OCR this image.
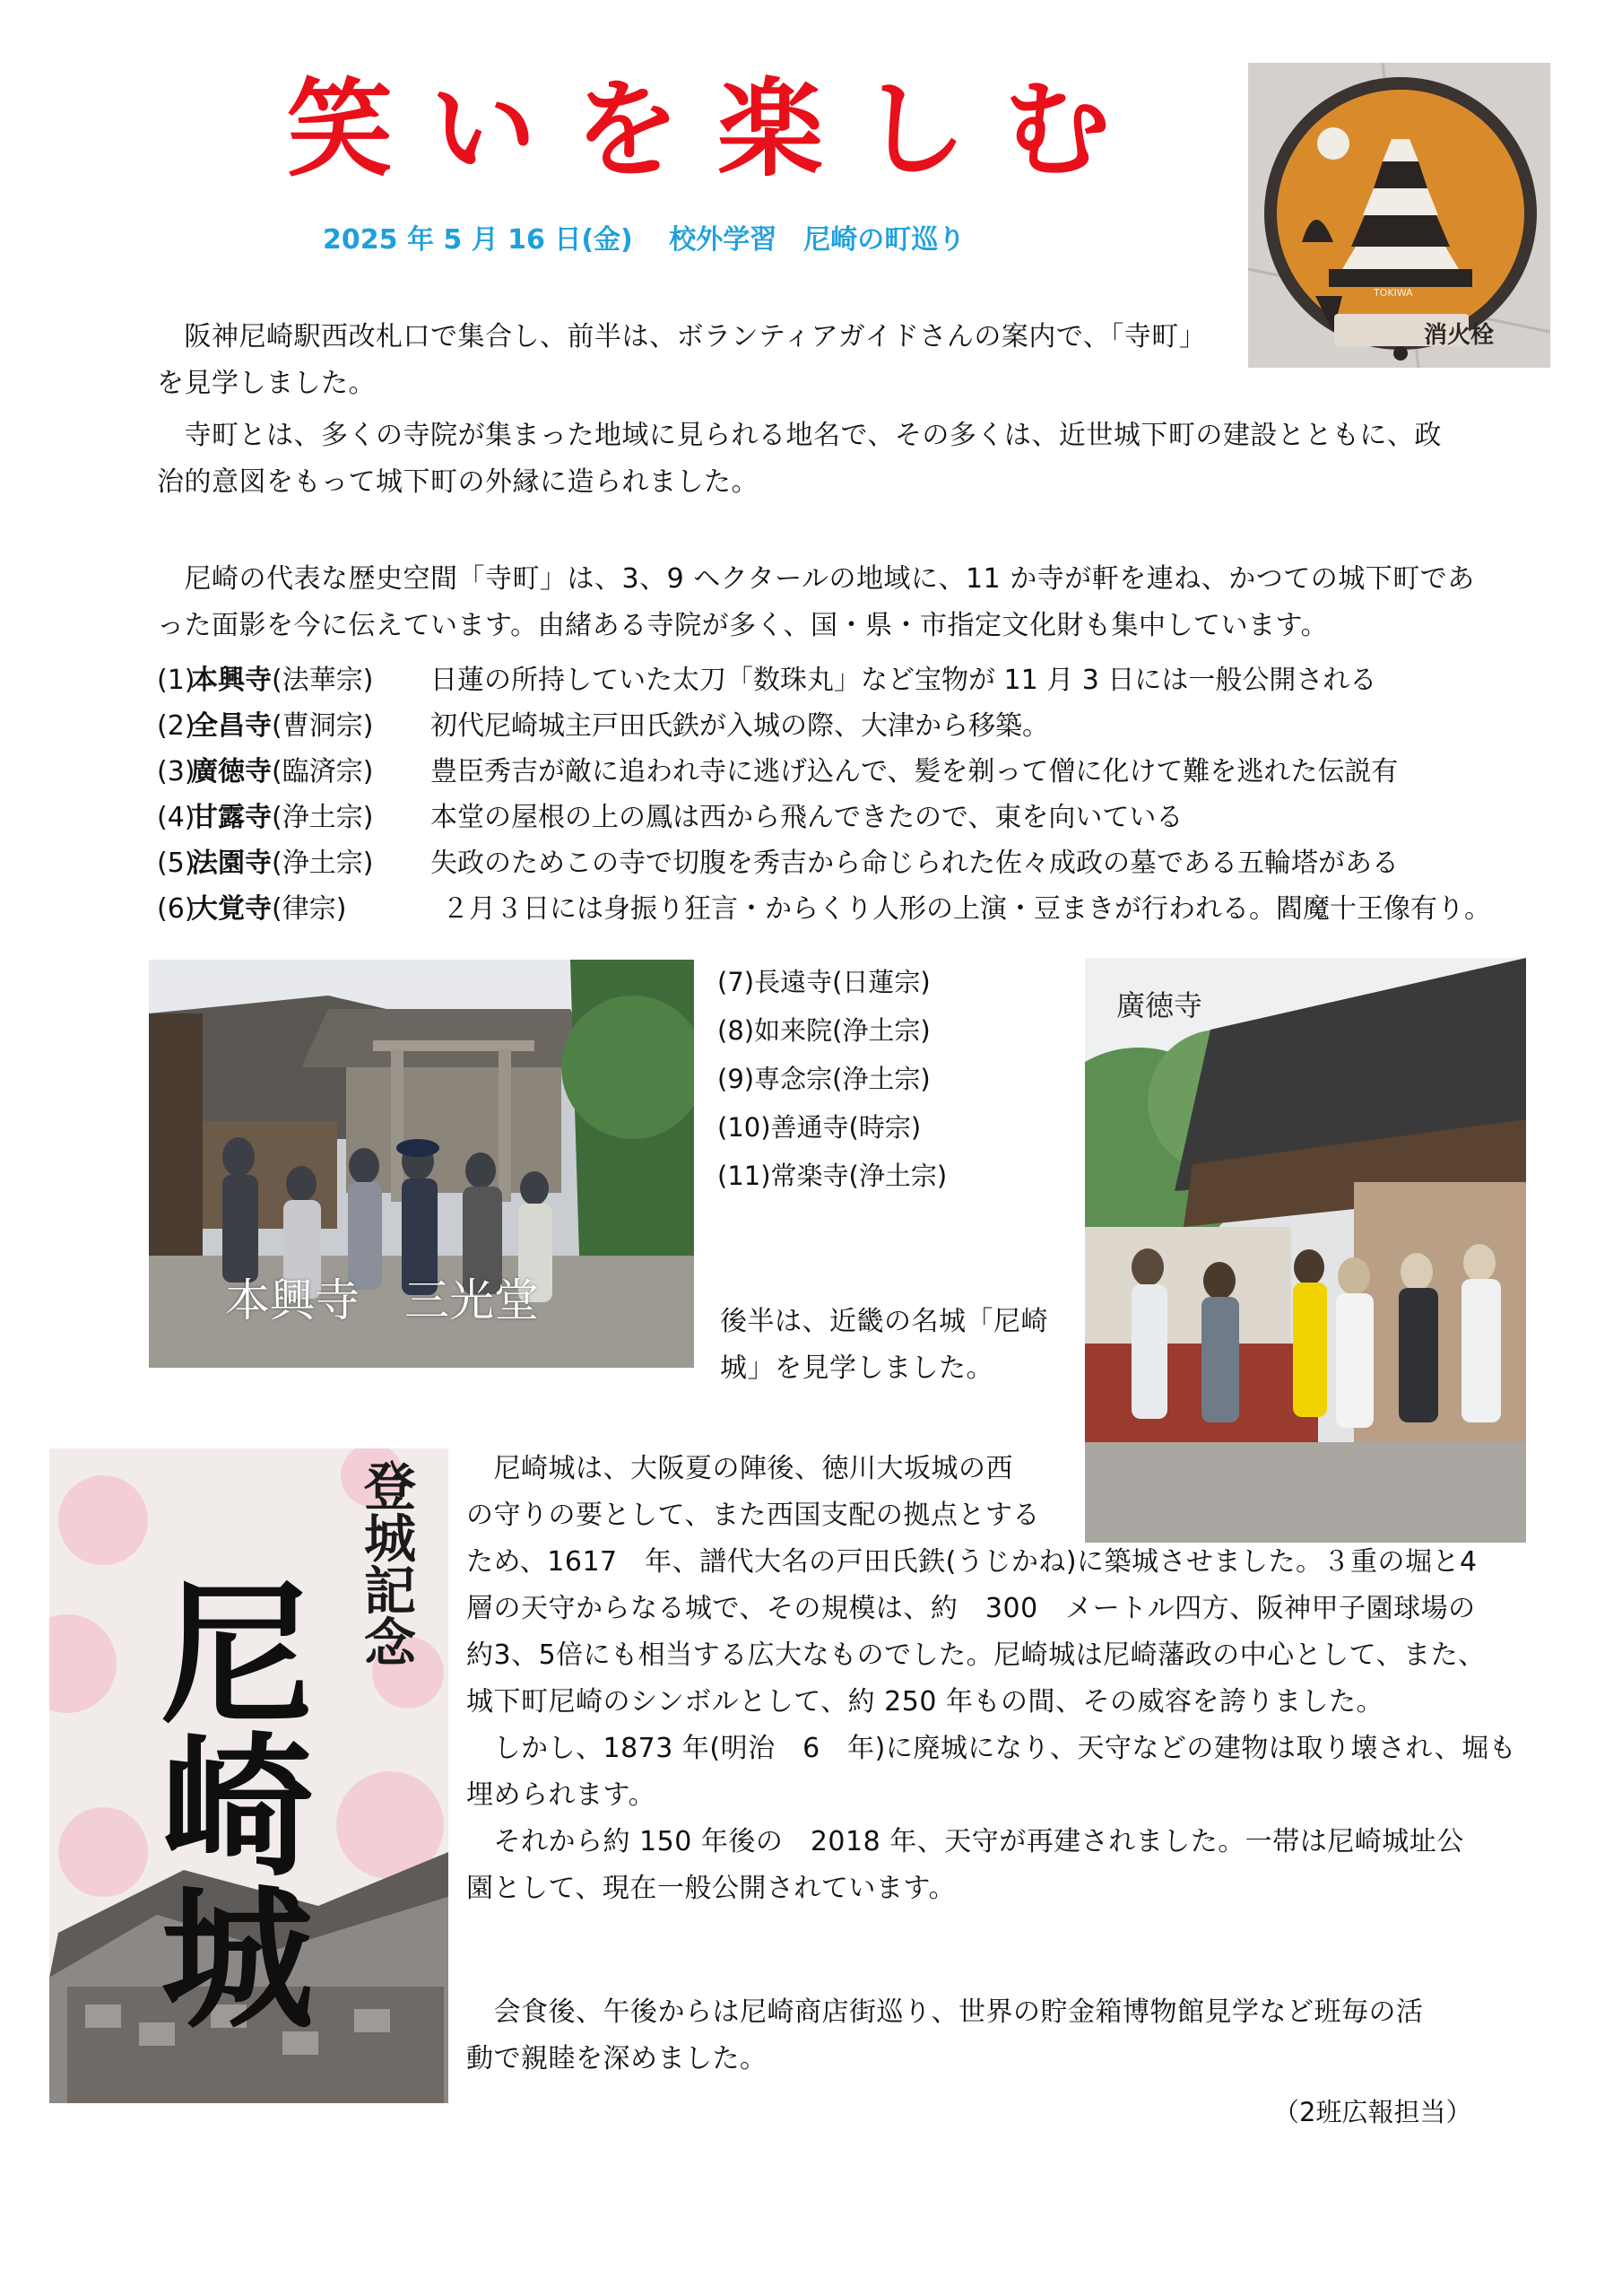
笑いを楽しむ
2025 年 5 月 16 日(金)　 校外学習　尼崎の町巡り
消火栓
TOKIWA
　阪神尼崎駅西改札口で集合し、前半は、ボランティアガイドさんの案内で、「寺町」
を見学しました。
　寺町とは、多くの寺院が集まった地域に見られる地名で、その多くは、近世城下町の建設とともに、政
治的意図をもって城下町の外縁に造られました。
　尼崎の代表な歴史空間「寺町」は、3、9 ヘクタールの地域に、11 か寺が軒を連ね、かつての城下町であ
った面影を今に伝えています。由緒ある寺院が多く、国・県・市指定文化財も集中しています。
(1)本興寺(法華宗) 日蓮の所持していた太刀「数珠丸」など宝物が 11 月 3 日には一般公開される
(2)全昌寺(曹洞宗) 初代尼崎城主戸田氏鉄が入城の際、大津から移築。
(3)廣徳寺(臨済宗) 豊臣秀吉が敵に追われ寺に逃げ込んで、髪を剃って僧に化けて難を逃れた伝説有
(4)甘露寺(浄土宗) 本堂の屋根の上の鳳は西から飛んできたので、東を向いている
(5)法園寺(浄土宗) 失政のためこの寺で切腹を秀吉から命じられた佐々成政の墓である五輪塔がある
(6)大覚寺(律宗)	２月３日には身振り狂言・からくり人形の上演・豆まきが行われる。閻魔十王像有り。
本興寺　三光堂
(7)長遠寺(日蓮宗)
(8)如来院(浄土宗)
(9)専念宗(浄土宗)
(10)善通寺(時宗)
(11)常楽寺(浄土宗)
後半は、近畿の名城「尼崎
城」を見学しました。
廣徳寺
登城記念
尼崎城
　尼崎城は、大阪夏の陣後、徳川大坂城の西
の守りの要として、また西国支配の拠点とする
ため、1617　年、譜代大名の戸田氏鉄(うじかね)に築城させました。３重の堀と4
層の天守からなる城で、その規模は、約　300　メートル四方、阪神甲子園球場の
約3、5倍にも相当する広大なものでした。尼崎城は尼崎藩政の中心として、また、
城下町尼崎のシンボルとして、約 250 年もの間、その威容を誇りました。
　しかし、1873 年(明治　6　年)に廃城になり、天守などの建物は取り壊され、堀も
埋められます。
　それから約 150 年後の　2018 年、天守が再建されました。一帯は尼崎城址公
園として、現在一般公開されています。
　会食後、午後からは尼崎商店街巡り、世界の貯金箱博物館見学など班毎の活
動で親睦を深めました。
（2班広報担当）
